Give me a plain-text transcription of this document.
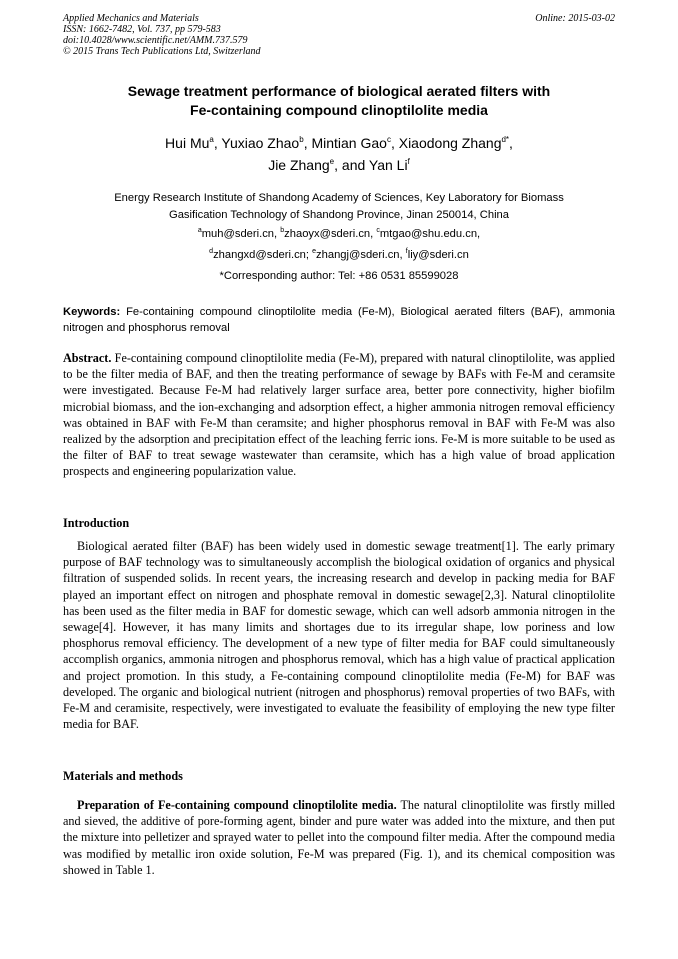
Applied Mechanics and Materials
ISSN: 1662-7482, Vol. 737, pp 579-583
doi:10.4028/www.scientific.net/AMM.737.579
© 2015 Trans Tech Publications Ltd, Switzerland
Online: 2015-03-02
Sewage treatment performance of biological aerated filters with
Fe-containing compound clinoptilolite media
Hui Mu$^a$, Yuxiao Zhao$^b$, Mintian Gao$^c$, Xiaodong Zhang$^{d*}$,
Jie Zhang$^e$, and Yan Li$^f$
Energy Research Institute of Shandong Academy of Sciences, Key Laboratory for Biomass
Gasification Technology of Shandong Province, Jinan 250014, China
$^a$muh@sderi.cn, $^b$zhaoyx@sderi.cn, $^c$mtgao@shu.edu.cn,
$^d$zhangxd@sderi.cn; $^e$zhangj@sderi.cn, $^f$liy@sderi.cn
*Corresponding author: Tel: +86 0531 85599028
Keywords: Fe-containing compound clinoptilolite media (Fe-M), Biological aerated filters (BAF), ammonia nitrogen and phosphorus removal
Abstract. Fe-containing compound clinoptilolite media (Fe-M), prepared with natural clinoptilolite, was applied to be the filter media of BAF, and then the treating performance of sewage by BAFs with Fe-M and ceramsite were investigated. Because Fe-M had relatively larger surface area, better pore connectivity, higher biofilm microbial biomass, and the ion-exchanging and adsorption effect, a higher ammonia nitrogen removal efficiency was obtained in BAF with Fe-M than ceramsite; and higher phosphorus removal in BAF with Fe-M was also realized by the adsorption and precipitation effect of the leaching ferric ions. Fe-M is more suitable to be used as the filter of BAF to treat sewage wastewater than ceramsite, which has a high value of broad application prospects and engineering popularization value.
Introduction
Biological aerated filter (BAF) has been widely used in domestic sewage treatment[1]. The early primary purpose of BAF technology was to simultaneously accomplish the biological oxidation of organics and physical filtration of suspended solids. In recent years, the increasing research and develop in packing media for BAF played an important effect on nitrogen and phosphate removal in domestic sewage[2,3]. Natural clinoptilolite has been used as the filter media in BAF for domestic sewage, which can well adsorb ammonia nitrogen in the sewage[4]. However, it has many limits and shortages due to its irregular shape, low poriness and low phosphorus removal efficiency. The development of a new type of filter media for BAF could simultaneously accomplish organics, ammonia nitrogen and phosphorus removal, which has a high value of practical application and project promotion. In this study, a Fe-containing compound clinoptilolite media (Fe-M) for BAF was developed. The organic and biological nutrient (nitrogen and phosphorus) removal properties of two BAFs, with Fe-M and ceramisite, respectively, were investigated to evaluate the feasibility of employing the new type filter media for BAF.
Materials and methods
Preparation of Fe-containing compound clinoptilolite media. The natural clinoptilolite was firstly milled and sieved, the additive of pore-forming agent, binder and pure water was added into the mixture, and then put the mixture into pelletizer and sprayed water to pellet into the compound filter media. After the compound media was modified by metallic iron oxide solution, Fe-M was prepared (Fig. 1), and its chemical composition was showed in Table 1.
